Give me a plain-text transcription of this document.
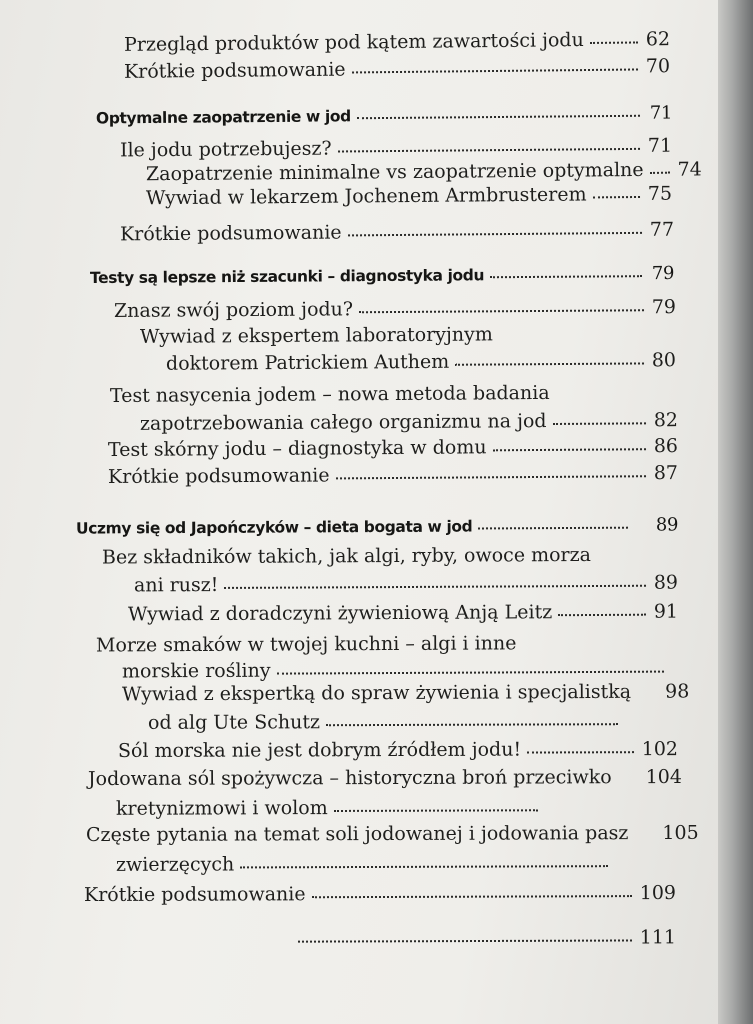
Przegląd produktów pod kątem zawartości jodu	62
Krótkie podsumowanie	70
Optymalne zaopatrzenie w jod	71
Ile jodu potrzebujesz?	71
Zaopatrzenie minimalne vs zaopatrzenie optymalne 74
Wywiad w lekarzem Jochenem Armbrusterem	75
Krótkie podsumowanie	77
Testy są lepsze niż szacunki – diagnostyka jodu	79
Znasz swój poziom jodu?	79
Wywiad z ekspertem laboratoryjnym
doktorem Patrickiem Authem	80
Test nasycenia jodem – nowa metoda badania
zapotrzebowania całego organizmu na jod	82
Test skórny jodu – diagnostyka w domu	86
Krótkie podsumowanie	87
Uczmy się od Japończyków – dieta bogata w jod	89
Bez składników takich, jak algi, ryby, owoce morza
ani rusz!	89
Wywiad z doradczyni żywieniową Anją Leitz	91
Morze smaków w twojej kuchni – algi i inne
morskie rośliny
Wywiad z ekspertką do spraw żywienia i specjalistką 98
od alg Ute Schutz
Sól morska nie jest dobrym źródłem jodu!	102
Jodowana sól spożywcza – historyczna broń przeciwko 104
kretynizmowi i wolom
Częste pytania na temat soli jodowanej i jodowania pasz 105
zwierzęcych
Krótkie podsumowanie	109
111
